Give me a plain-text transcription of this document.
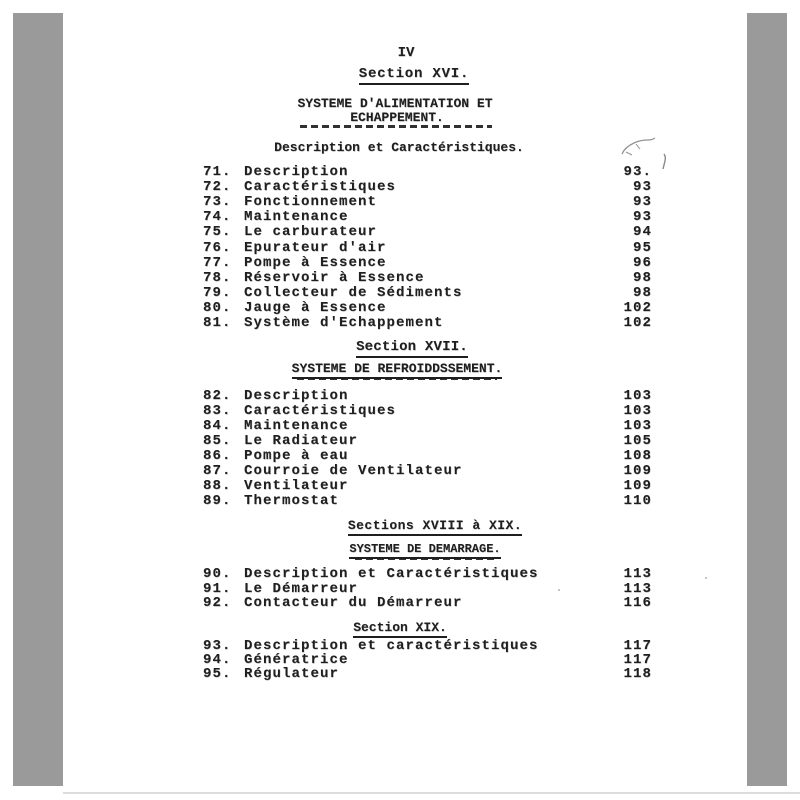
IV
Section XVI.
SYSTEME D'ALIMENTATION ET
ECHAPPEMENT.
Description et Caractéristiques.
71. Description	93.
72. Caractéristiques	93
73. Fonctionnement	93
74. Maintenance	93
75. Le carburateur	94
76. Epurateur d'air	95
77. Pompe à Essence	96
78. Réservoir à Essence	98
79. Collecteur de Sédiments	98
80. Jauge à Essence	102
81. Système d'Echappement	102
Section XVII.
SYSTEME DE REFROIDDSSEMENT.
82. Description	103
83. Caractéristiques	103
84. Maintenance	103
85. Le Radiateur	105
86. Pompe à eau	108
87. Courroie de Ventilateur	109
88. Ventilateur	109
89. Thermostat	110
Sections XVIII à XIX.
SYSTEME DE DEMARRAGE.
90. Description et Caractéristiques	113
91. Le Démarreur	113
92. Contacteur du Démarreur	116
Section XIX.
93. Description et caractéristiques	117
94. Génératrice	117
95. Régulateur	118
